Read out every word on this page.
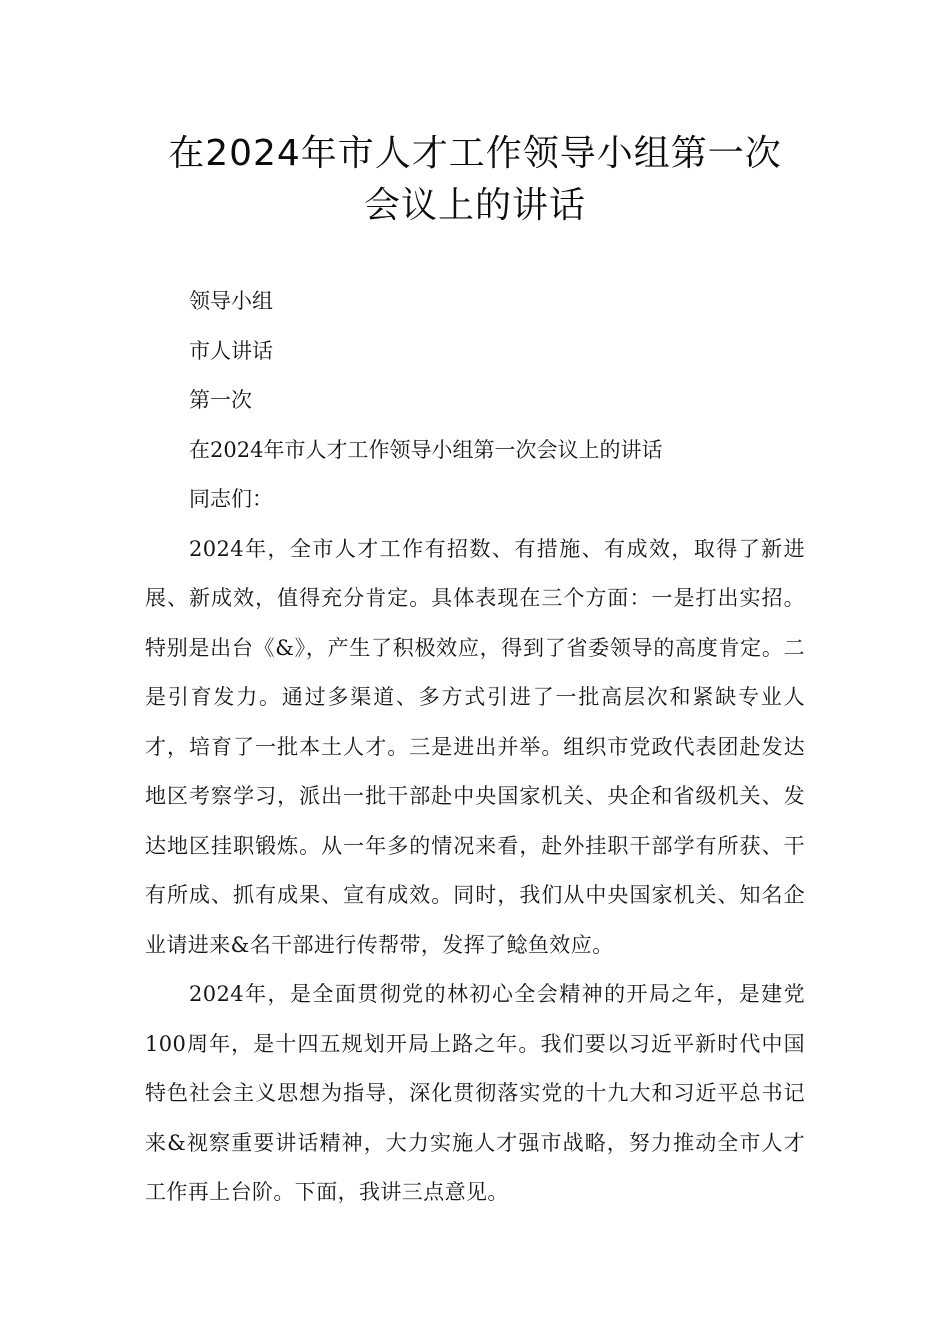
在2024年市人才工作领导小组第一次
会议上的讲话

领导小组

市人讲话

第一次

在2024年市人才工作领导小组第一次会议上的讲话

同志们：

2024年，全市人才工作有招数、有措施、有成效，取得了新进展、新成效，值得充分肯定。具体表现在三个方面：一是打出实招。特别是出台《&》，产生了积极效应，得到了省委领导的高度肯定。二是引育发力。通过多渠道、多方式引进了一批高层次和紧缺专业人才，培育了一批本土人才。三是进出并举。组织市党政代表团赴发达地区考察学习，派出一批干部赴中央国家机关、央企和省级机关、发达地区挂职锻炼。从一年多的情况来看，赴外挂职干部学有所获、干有所成、抓有成果、宣有成效。同时，我们从中央国家机关、知名企业请进来&名干部进行传帮带，发挥了鲶鱼效应。

2024年，是全面贯彻党的林初心全会精神的开局之年，是建党100周年，是十四五规划开局上路之年。我们要以习近平新时代中国特色社会主义思想为指导，深化贯彻落实党的十九大和习近平总书记来&视察重要讲话精神，大力实施人才强市战略，努力推动全市人才工作再上台阶。下面，我讲三点意见。
